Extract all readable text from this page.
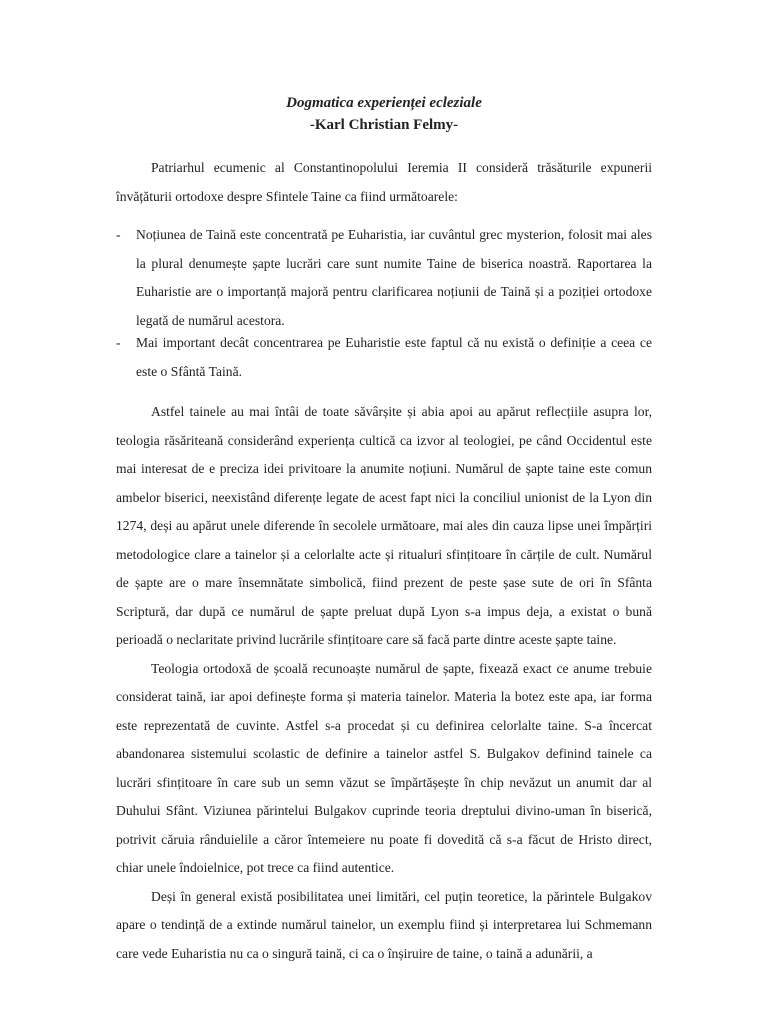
Dogmatica experienței ecleziale

-Karl Christian Felmy-

Patriarhul ecumenic al Constantinopolului Ieremia II consideră trăsăturile expunerii învățăturii ortodoxe despre Sfintele Taine ca fiind următoarele:

- Noțiunea de Taină este concentrată pe Euharistia, iar cuvântul grec mysterion, folosit mai ales la plural denumește șapte lucrări care sunt numite Taine de biserica noastră. Raportarea la Euharistie are o importanță majoră pentru clarificarea noțiunii de Taină și a poziției ortodoxe legată de numărul acestora.
- Mai important decât concentrarea pe Euharistie este faptul că nu există o definiție a ceea ce este o Sfântă Taină.

Astfel tainele au mai întâi de toate săvârșite și abia apoi au apărut reflecțiile asupra lor, teologia răsăriteană considerând experiența cultică ca izvor al teologiei, pe când Occidentul este mai interesat de e preciza idei privitoare la anumite noțiuni. Numărul de șapte taine este comun ambelor biserici, neexistând diferențe legate de acest fapt nici la conciliul unionist de la Lyon din 1274, deși au apărut unele diferende în secolele următoare, mai ales din cauza lipse unei împărțiri metodologice clare a tainelor și a celorlalte acte și ritualuri sfințitoare în cărțile de cult. Numărul de șapte are o mare însemnătate simbolică, fiind prezent de peste șase sute de ori în Sfânta Scriptură, dar după ce numărul de șapte preluat după Lyon s-a impus deja, a existat o bună perioadă o neclaritate privind lucrările sfințitoare care să facă parte dintre aceste șapte taine.

Teologia ortodoxă de școală recunoaște numărul de șapte, fixează exact ce anume trebuie considerat taină, iar apoi definește forma și materia tainelor. Materia la botez este apa, iar forma este reprezentată de cuvinte. Astfel s-a procedat și cu definirea celorlalte taine. S-a încercat abandonarea sistemului scolastic de definire a tainelor astfel S. Bulgakov definind tainele ca lucrări sfințitoare în care sub un semn văzut se împărtășește în chip nevăzut un anumit dar al Duhului Sfânt. Viziunea părintelui Bulgakov cuprinde teoria dreptului divino-uman în biserică, potrivit căruia rânduielile a căror întemeiere nu poate fi dovedită că s-a făcut de Hristo direct, chiar unele îndoielnice, pot trece ca fiind autentice.

Deși în general există posibilitatea unei limitări, cel puțin teoretice, la părintele Bulgakov apare o tendință de a extinde numărul tainelor, un exemplu fiind și interpretarea lui Schmemann care vede Euharistia nu ca o singură taină, ci ca o înșiruire de taine, o taină a adunării, a
